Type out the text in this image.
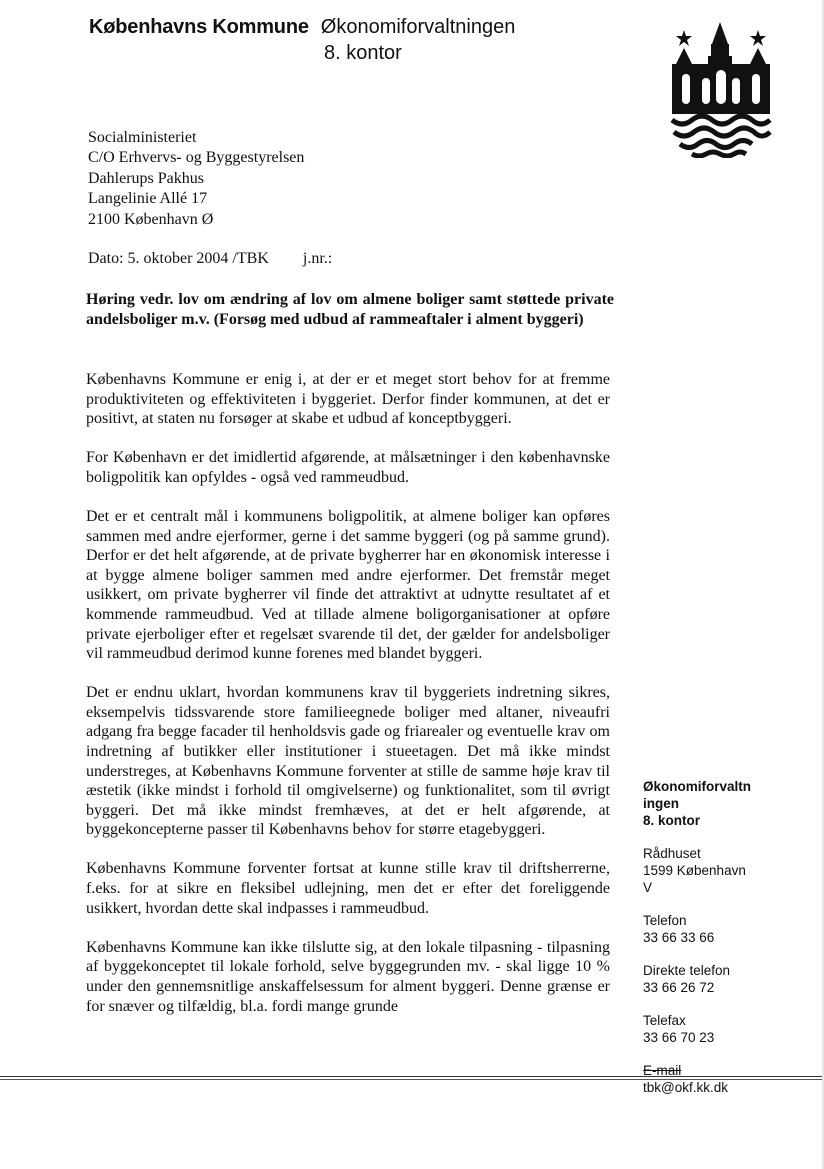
Københavns Kommune Økonomiforvaltningen
8. kontor
Socialministeriet
C/O Erhvervs- og Byggestyrelsen
Dahlerups Pakhus
Langelinie Allé 17
2100 København Ø
Dato: 5. oktober 2004 /TBK j.nr.:
Høring vedr. lov om ændring af lov om almene boliger samt støttede private andelsboliger m.v. (Forsøg med udbud af rammeaftaler i alment byggeri)

Københavns Kommune er enig i, at der er et meget stort behov for at fremme produktiviteten og effektiviteten i byggeriet. Derfor finder kommunen, at det er positivt, at staten nu forsøger at skabe et udbud af konceptbyggeri.

For København er det imidlertid afgørende, at målsætninger i den københavnske boligpolitik kan opfyldes - også ved rammeudbud.

Det er et centralt mål i kommunens boligpolitik, at almene boliger kan opføres sammen med andre ejerformer, gerne i det samme byggeri (og på samme grund). Derfor er det helt afgørende, at de private bygherrer har en økonomisk interesse i at bygge almene boliger sammen med andre ejerformer. Det fremstår meget usikkert, om private bygherrer vil finde det attraktivt at udnytte resultatet af et kommende rammeudbud. Ved at tillade almene boligorganisationer at opføre private ejerboliger efter et regelsæt svarende til det, der gælder for andelsboliger vil rammeudbud derimod kunne forenes med blandet byggeri.

Det er endnu uklart, hvordan kommunens krav til byggeriets indretning sikres, eksempelvis tidssvarende store familieegnede boliger med altaner, niveaufri adgang fra begge facader til henholdsvis gade og friarealer og eventuelle krav om indretning af butikker eller institutioner i stueetagen. Det må ikke mindst understreges, at Københavns Kommune forventer at stille de samme høje krav til æstetik (ikke mindst i forhold til omgivelserne) og funktionalitet, som til øvrigt byggeri. Det må ikke mindst fremhæves, at det er helt afgørende, at byggekoncepterne passer til Københavns behov for større etagebyggeri.

Københavns Kommune forventer fortsat at kunne stille krav til driftsherrerne, f.eks. for at sikre en fleksibel udlejning, men det er efter det foreliggende usikkert, hvordan dette skal indpasses i rammeudbud.

Københavns Kommune kan ikke tilslutte sig, at den lokale tilpasning - tilpasning af byggekonceptet til lokale forhold, selve byggegrunden mv. - skal ligge 10 % under den gennemsnitlige anskaffelsessum for alment byggeri. Denne grænse er for snæver og tilfældig, bl.a. fordi mange grunde

Økonomiforvaltn
ingen
8. kontor
Rådhuset
1599 København
V
Telefon
33 66 33 66
Direkte telefon
33 66 26 72
Telefax
33 66 70 23
E-mail
tbk@okf.kk.dk
